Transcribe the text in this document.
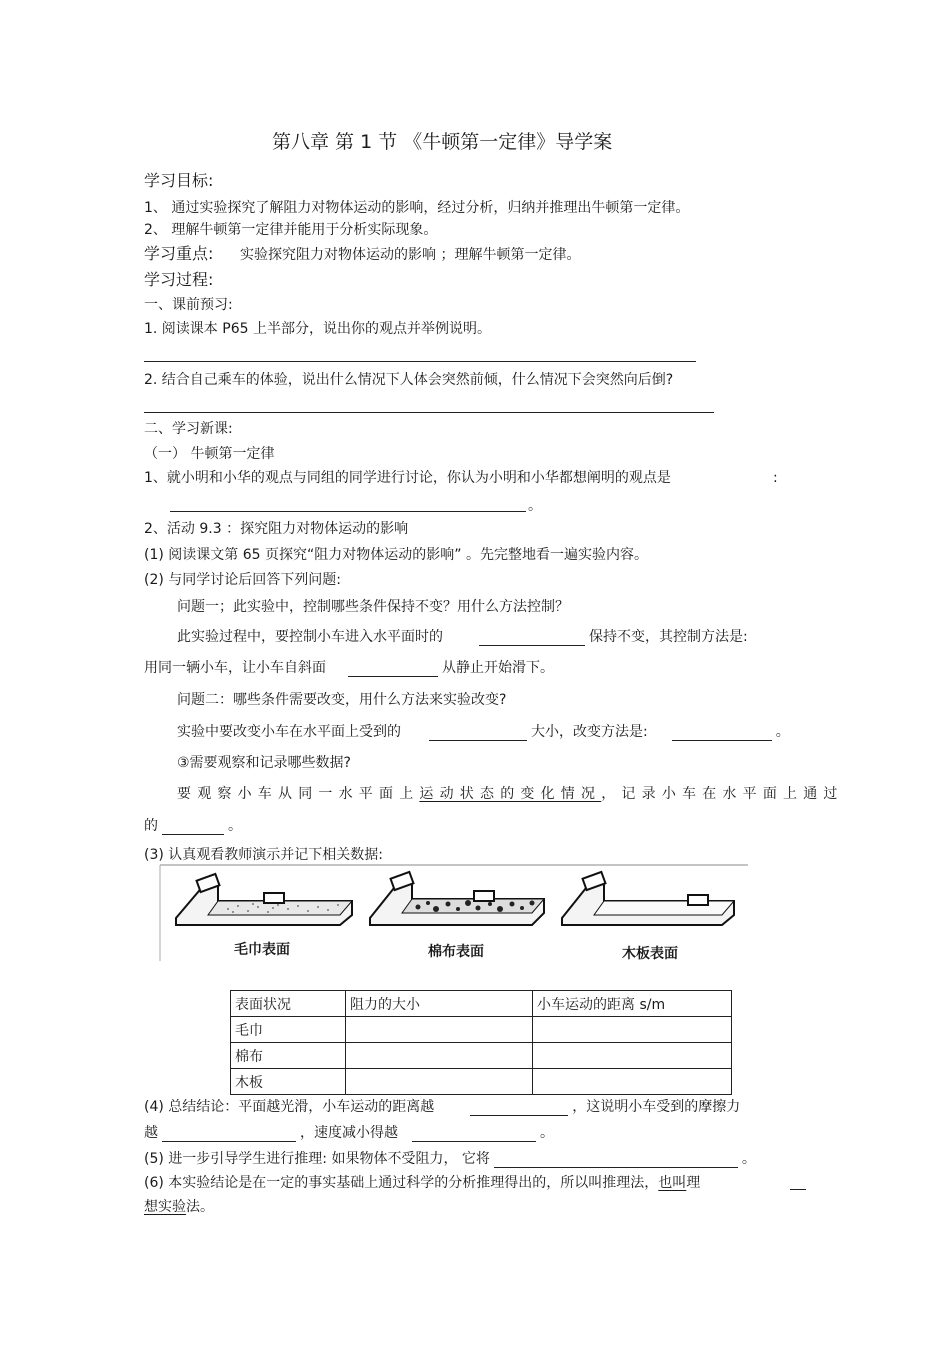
第八章 第 1 节 《牛顿第一定律》导学案
学习目标:
1、 通过实验探究了解阻力对物体运动的影响，经过分析，归纳并推理出牛顿第一定律。
2、 理解牛顿第一定律并能用于分析实际现象。
学习重点: 实验探究阻力对物体运动的影响 ；理解牛顿第一定律。
学习过程:
一、课前预习:
1. 阅读课本 P65 上半部分，说出你的观点并举例说明。
2. 结合自己乘车的体验，说出什么情况下人体会突然前倾，什么情况下会突然向后倒?
二、学习新课:
（一） 牛顿第一定律
1、就小明和小华的观点与同组的同学进行讨论，你认为小明和小华都想阐明的观点是	:
。
2、活动 9.3 ：探究阻力对物体运动的影响
(1) 阅读课文第 65 页探究“阻力对物体运动的影响” 。先完整地看一遍实验内容。
(2) 与同学讨论后回答下列问题:
问题一；此实验中，控制哪些条件保持不变？用什么方法控制？
此实验过程中，要控制小车进入水平面时的	保持不变，其控制方法是:
用同一辆小车，让小车自斜面	从静止开始滑下。
问题二：哪些条件需要改变，用什么方法来实验改变?
实验中要改变小车在水平面上受到的	大小，改变方法是:	。
③需要观察和记录哪些数据?
要观察小车从同一水平面上运动状态的变化情况，记录小车在水平面上通过
的	。
(3) 认真观看教师演示并记下相关数据:
毛巾表面	棉布表面	木板表面
表面状况	阻力的大小	小车运动的距离 s/m
毛巾		
棉布		
木板		
(4) 总结结论：平面越光滑，小车运动的距离越	，这说明小车受到的摩擦力
越	，速度减小得越	。
(5) 进一步引导学生进行推理: 如果物体不受阻力， 它将	。
(6) 本实验结论是在一定的事实基础上通过科学的分析推理得出的，所以叫推理法，也叫理
想实验法。
